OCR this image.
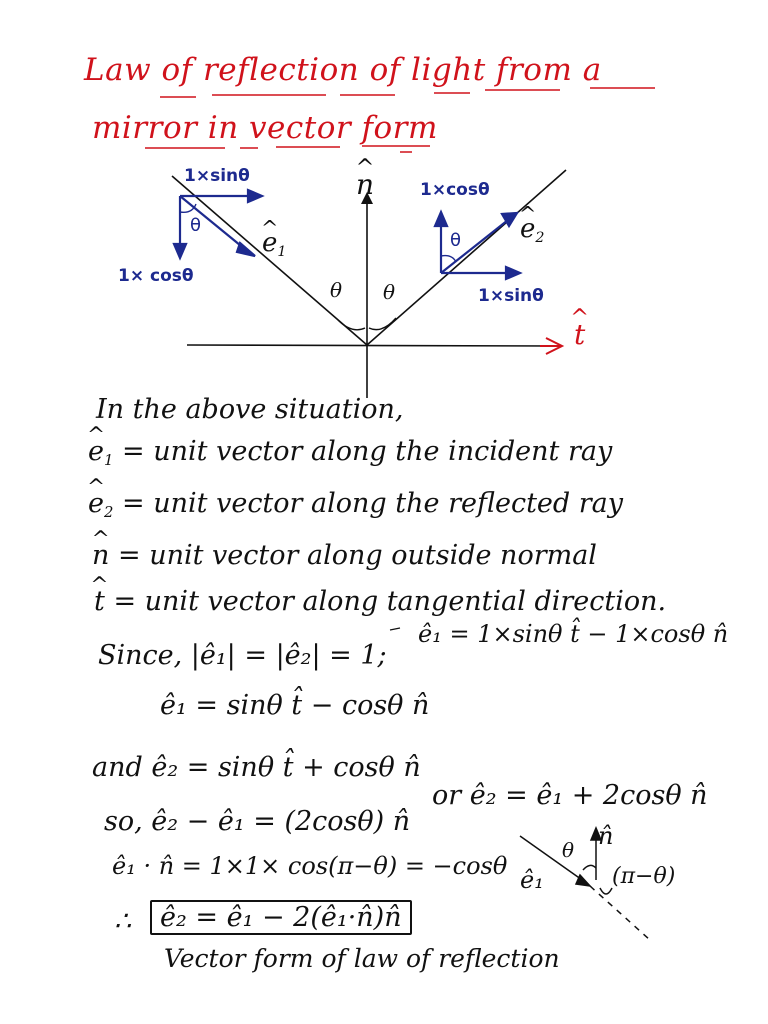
Law of reflection of light from a
mirror in vector form
^ n
^ t
θ θ
1×sinθ
1× cosθ
θ
^ $e_1$
1×cosθ
1×sinθ
θ
^ $e_2$
In the above situation,
^ $e_1$ = unit vector along the incident ray
^ $e_2$ = unit vector along the reflected ray
^ n = unit vector along outside normal
^ t = unit vector along tangential direction.
Since, |ê₁| = |ê₂| = 1;
ê₁ = 1×sinθ t̂ − 1×cosθ n̂
ê₁ = sinθ t̂ − cosθ n̂
and ê₂ = sinθ t̂ + cosθ n̂
so, ê₂ − ê₁ = (2cosθ) n̂
or ê₂ = ê₁ + 2cosθ n̂
ê₁ · n̂ = 1×1× cos(π−θ) = −cosθ
∴	ê₂ = ê₁ − 2(ê₁·n̂)n̂
Vector form of law of reflection
θ n̂
(π−θ)
ê₁
